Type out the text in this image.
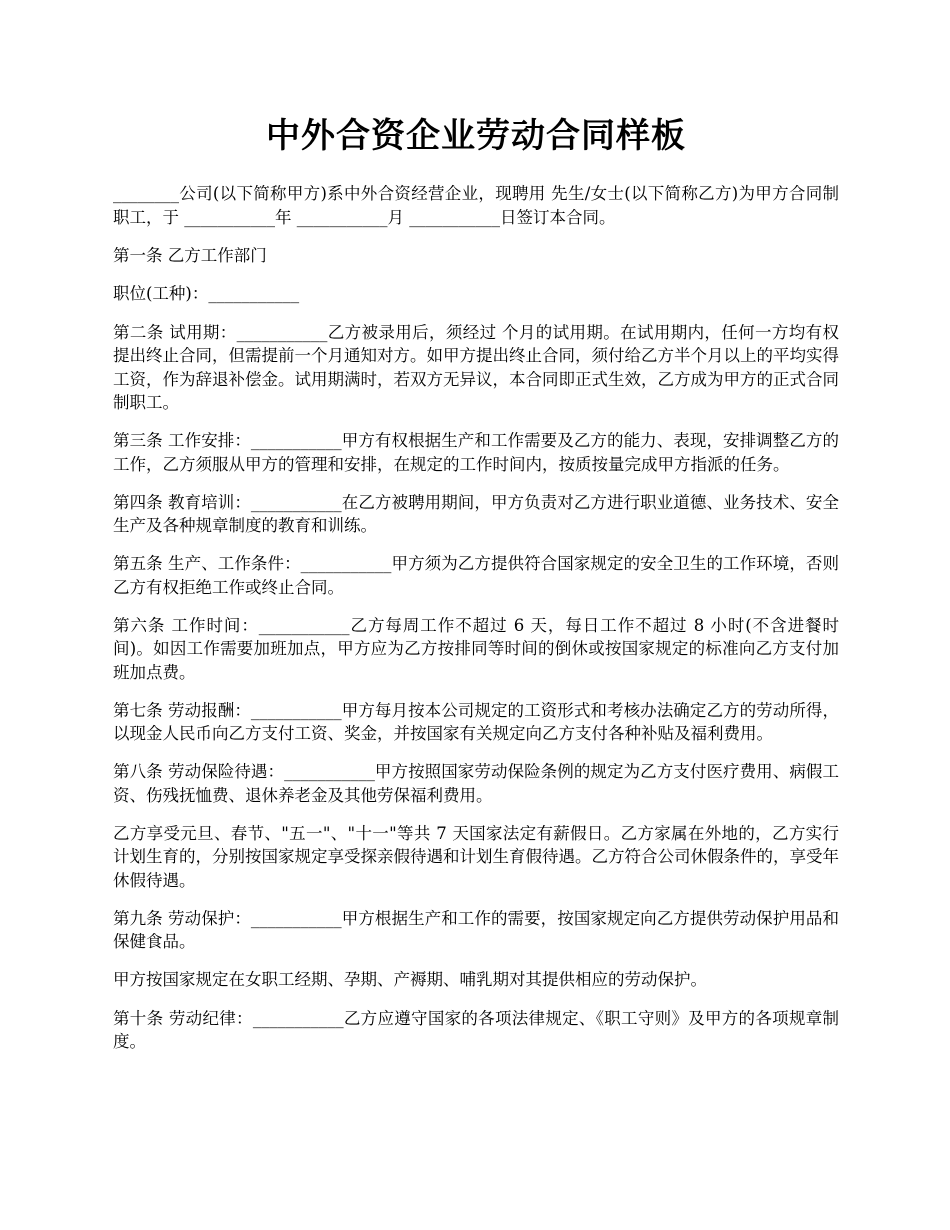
中外合资企业劳动合同样板

________公司(以下简称甲方)系中外合资经营企业，现聘用 先生/女士(以下简称乙方)为甲方合同制职工，于 ___________年 ___________月 ___________日签订本合同。

第一条 乙方工作部门

职位(工种)：___________

第二条 试用期：___________乙方被录用后，须经过 个月的试用期。在试用期内，任何一方均有权提出终止合同，但需提前一个月通知对方。如甲方提出终止合同，须付给乙方半个月以上的平均实得工资，作为辞退补偿金。试用期满时，若双方无异议，本合同即正式生效，乙方成为甲方的正式合同制职工。

第三条 工作安排：___________甲方有权根据生产和工作需要及乙方的能力、表现，安排调整乙方的工作，乙方须服从甲方的管理和安排，在规定的工作时间内，按质按量完成甲方指派的任务。

第四条 教育培训：___________在乙方被聘用期间，甲方负责对乙方进行职业道德、业务技术、安全生产及各种规章制度的教育和训练。

第五条 生产、工作条件：___________甲方须为乙方提供符合国家规定的安全卫生的工作环境，否则乙方有权拒绝工作或终止合同。

第六条 工作时间：___________乙方每周工作不超过 6 天，每日工作不超过 8 小时(不含进餐时间)。如因工作需要加班加点，甲方应为乙方按排同等时间的倒休或按国家规定的标准向乙方支付加班加点费。

第七条 劳动报酬：___________甲方每月按本公司规定的工资形式和考核办法确定乙方的劳动所得，以现金人民币向乙方支付工资、奖金，并按国家有关规定向乙方支付各种补贴及福利费用。

第八条 劳动保险待遇：___________甲方按照国家劳动保险条例的规定为乙方支付医疗费用、病假工资、伤残抚恤费、退休养老金及其他劳保福利费用。

乙方享受元旦、春节、"五一"、"十一"等共 7 天国家法定有薪假日。乙方家属在外地的，乙方实行计划生育的，分别按国家规定享受探亲假待遇和计划生育假待遇。乙方符合公司休假条件的，享受年休假待遇。

第九条 劳动保护：___________甲方根据生产和工作的需要，按国家规定向乙方提供劳动保护用品和保健食品。

甲方按国家规定在女职工经期、孕期、产褥期、哺乳期对其提供相应的劳动保护。

第十条 劳动纪律：___________乙方应遵守国家的各项法律规定、《职工守则》及甲方的各项规章制度。
